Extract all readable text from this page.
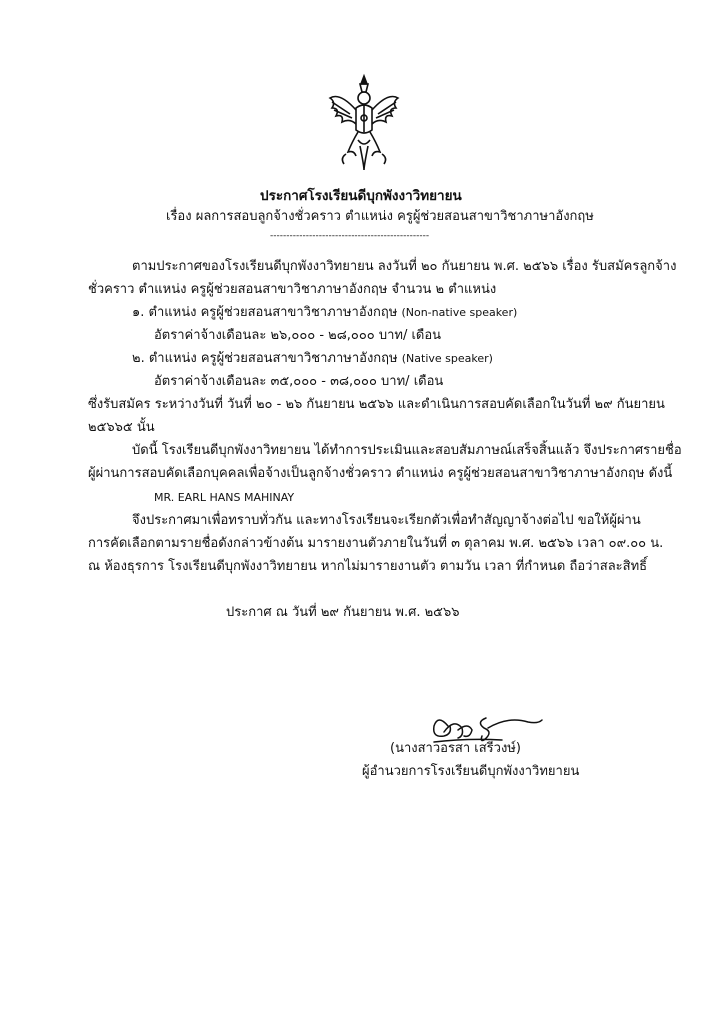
ประกาศโรงเรียนดีบุกพังงาวิทยายน
เรื่อง ผลการสอบลูกจ้างชั่วคราว ตำแหน่ง ครูผู้ช่วยสอนสาขาวิชาภาษาอังกฤษ
-------------------------------------------------
ตามประกาศของโรงเรียนดีบุกพังงาวิทยายน ลงวันที่ ๒๐ กันยายน พ.ศ. ๒๕๖๖ เรื่อง รับสมัครลูกจ้าง
ชั่วคราว ตำแหน่ง ครูผู้ช่วยสอนสาขาวิชาภาษาอังกฤษ จำนวน ๒ ตำแหน่ง
๑. ตำแหน่ง ครูผู้ช่วยสอนสาขาวิชาภาษาอังกฤษ (Non-native speaker)
อัตราค่าจ้างเดือนละ ๒๖,๐๐๐ - ๒๘,๐๐๐ บาท/ เดือน
๒. ตำแหน่ง ครูผู้ช่วยสอนสาขาวิชาภาษาอังกฤษ (Native speaker)
อัตราค่าจ้างเดือนละ ๓๕,๐๐๐ - ๓๘,๐๐๐ บาท/ เดือน
ซึ่งรับสมัคร ระหว่างวันที่ วันที่ ๒๐ - ๒๖ กันยายน ๒๕๖๖ และดำเนินการสอบคัดเลือกในวันที่ ๒๙ กันยายน
๒๕๖๖๕ นั้น
บัดนี้ โรงเรียนดีบุกพังงาวิทยายน ได้ทำการประเมินและสอบสัมภาษณ์เสร็จสิ้นแล้ว จึงประกาศรายชื่อ
ผู้ผ่านการสอบคัดเลือกบุคคลเพื่อจ้างเป็นลูกจ้างชั่วคราว ตำแหน่ง ครูผู้ช่วยสอนสาขาวิชาภาษาอังกฤษ ดังนี้
MR. EARL HANS MAHINAY
จึงประกาศมาเพื่อทราบทั่วกัน และทางโรงเรียนจะเรียกตัวเพื่อทำสัญญาจ้างต่อไป ขอให้ผู้ผ่าน
การคัดเลือกตามรายชื่อดังกล่าวข้างต้น มารายงานตัวภายในวันที่ ๓ ตุลาคม พ.ศ. ๒๕๖๖ เวลา ๐๙.๐๐ น.
ณ ห้องธุรการ โรงเรียนดีบุกพังงาวิทยายน หากไม่มารายงานตัว ตามวัน เวลา ที่กำหนด ถือว่าสละสิทธิ์
ประกาศ ณ วันที่ ๒๙ กันยายน พ.ศ. ๒๕๖๖
(นางสาวอรสา เสรีวงษ์)
ผู้อำนวยการโรงเรียนดีบุกพังงาวิทยายน
